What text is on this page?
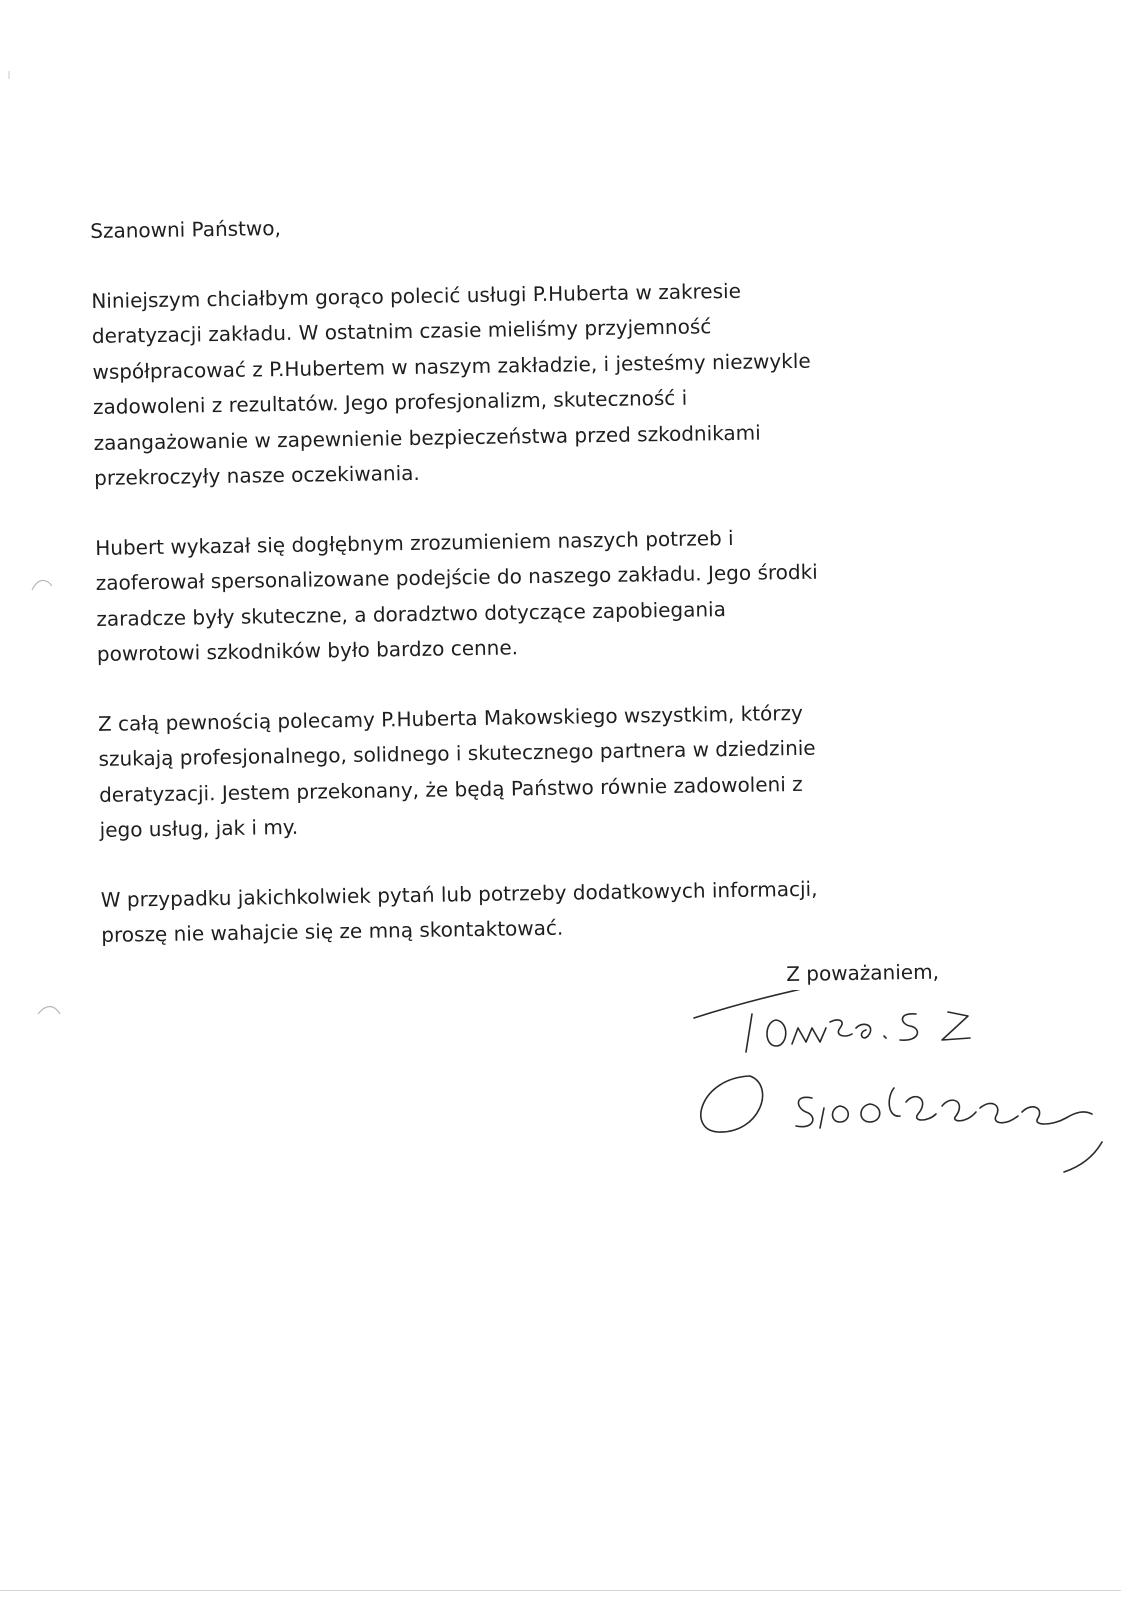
Szanowni Państwo,

Niniejszym chciałbym gorąco polecić usługi P.Huberta w zakresie
deratyzacji zakładu. W ostatnim czasie mieliśmy przyjemność
współpracować z P.Hubertem w naszym zakładzie, i jesteśmy niezwykle
zadowoleni z rezultatów. Jego profesjonalizm, skuteczność i
zaangażowanie w zapewnienie bezpieczeństwa przed szkodnikami
przekroczyły nasze oczekiwania.

Hubert wykazał się dogłębnym zrozumieniem naszych potrzeb i
zaoferował spersonalizowane podejście do naszego zakładu. Jego środki
zaradcze były skuteczne, a doradztwo dotyczące zapobiegania
powrotowi szkodników było bardzo cenne.

Z całą pewnością polecamy P.Huberta Makowskiego wszystkim, którzy
szukają profesjonalnego, solidnego i skutecznego partnera w dziedzinie
deratyzacji. Jestem przekonany, że będą Państwo równie zadowoleni z
jego usług, jak i my.

W przypadku jakichkolwiek pytań lub potrzeby dodatkowych informacji,
proszę nie wahajcie się ze mną skontaktować.

Z poważaniem,
